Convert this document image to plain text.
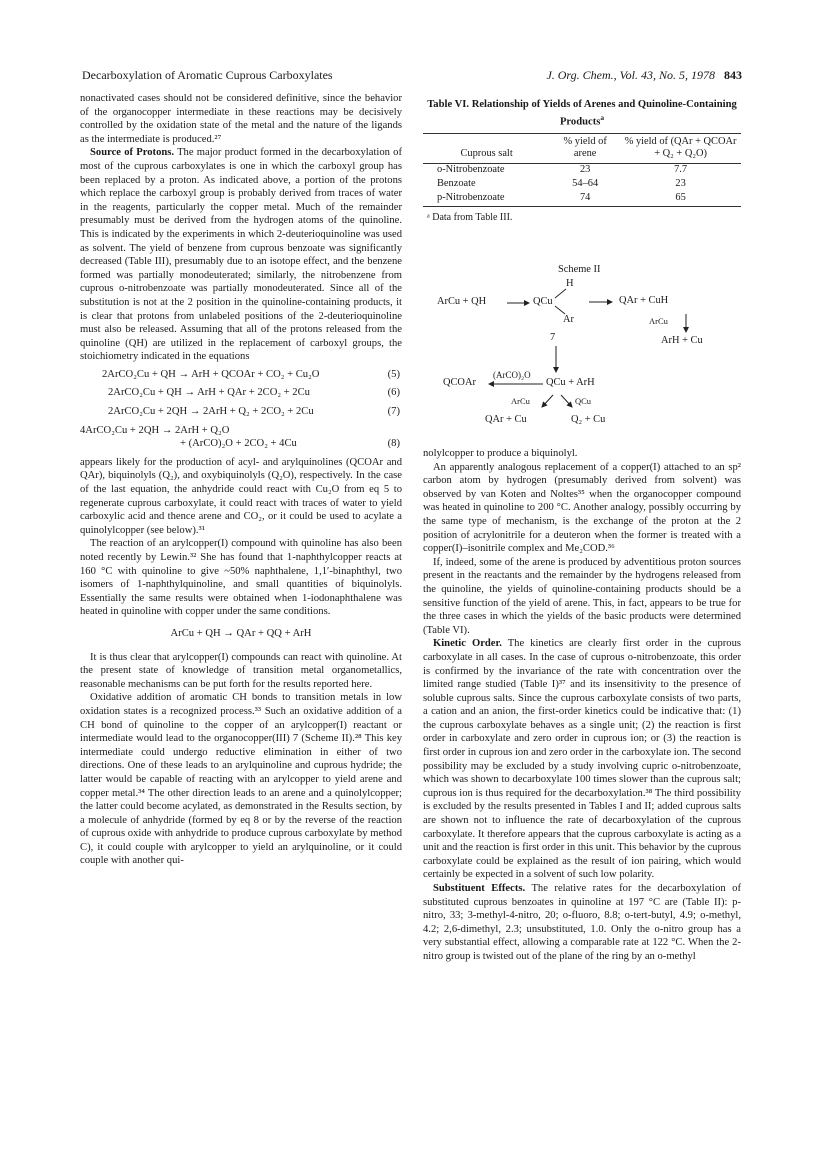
Decarboxylation of Aromatic Cuprous Carboxylates	J. Org. Chem., Vol. 43, No. 5, 1978 843

nonactivated cases should not be considered definitive, since the behavior of the organocopper intermediate in these reactions may be decisively controlled by the oxidation state of the metal and the nature of the ligands as the intermediate is produced.²⁷

Source of Protons. The major product formed in the decarboxylation of most of the cuprous carboxylates is one in which the carboxyl group has been replaced by a proton. As indicated above, a portion of the protons which replace the carboxyl group is probably derived from traces of water in the reagents, particularly the copper metal. Much of the remainder presumably must be derived from the hydrogen atoms of the quinoline. This is indicated by the experiments in which 2-deuterioquinoline was used as solvent. The yield of benzene from cuprous benzoate was significantly decreased (Table III), presumably due to an isotope effect, and the benzene formed was partially monodeuterated; similarly, the nitrobenzene from cuprous o-nitrobenzoate was partially monodeuterated. Since all of the substitution is not at the 2 position in the quinoline-containing products, it is clear that protons from unlabeled positions of the 2-deuterioquinoline must also be released. Assuming that all of the protons released from the quinoline (QH) are utilized in the replacement of carboxyl groups, the stoichiometry indicated in the equations

2ArCO₂Cu + QH → ArH + QCOAr + CO₂ + Cu₂O	(5)
2ArCO₂Cu + QH → ArH + QAr + 2CO₂ + 2Cu	(6)
2ArCO₂Cu + 2QH → 2ArH + Q₂ + 2CO₂ + 2Cu	(7)
4ArCO₂Cu + 2QH → 2ArH + Q₂O
+ (ArCO)₂O + 2CO₂ + 4Cu	(8)

appears likely for the production of acyl- and arylquinolines (QCOAr and QAr), biquinolyls (Q₂), and oxybiquinolyls (Q₂O), respectively. In the case of the last equation, the anhydride could react with Cu₂O from eq 5 to regenerate cuprous carboxylate, it could react with traces of water to yield carboxylic acid and thence arene and CO₂, or it could be used to acylate a quinolylcopper (see below).³¹

The reaction of an arylcopper(I) compound with quinoline has also been noted recently by Lewin.³² She has found that 1-naphthylcopper reacts at 160 °C with quinoline to give ~50% naphthalene, 1,1′-binaphthyl, two isomers of 1-naphthylquinoline, and small quantities of biquinolyls. Essentially the same results were obtained when 1-iodonaphthalene was heated in quinoline with copper under the same conditions.

ArCu + QH → QAr + QQ + ArH

It is thus clear that arylcopper(I) compounds can react with quinoline. At the present state of knowledge of transition metal organometallics, reasonable mechanisms can be put forth for the results reported here.

Oxidative addition of aromatic CH bonds to transition metals in low oxidation states is a recognized process.³³ Such an oxidative addition of a CH bond of quinoline to the copper of an arylcopper(I) reactant or intermediate would lead to the organocopper(III) 7 (Scheme II).²⁸ This key intermediate could undergo reductive elimination in either of two directions. One of these leads to an arylquinoline and cuprous hydride; the latter would be capable of reacting with an arylcopper to yield arene and copper metal.³⁴ The other direction leads to an arene and a quinolylcopper; the latter could become acylated, as demonstrated in the Results section, by a molecule of anhydride (formed by eq 8 or by the reverse of the reaction of cuprous oxide with anhydride to produce cuprous carboxylate by method C), it could couple with arylcopper to yield an arylquinoline, or it could couple with another qui-

Table VI. Relationship of Yields of Arenes and Quinoline-Containing Products$^a$
Cuprous salt	% yield of arene	% yield of (QAr + QCOAr + Q₂ + Q₂O)
o-Nitrobenzoate	23	7.7
Benzoate	54–64	23
p-Nitrobenzoate	74	65
ᵃ Data from Table III.
Scheme II
H
ArCu + QH	QCu	QAr + CuH
Ar	ArCu
7	ArH + Cu
(ArCO)₂O
QCOAr	QCu + ArH
ArCu	QCu
QAr + Cu	Q₂ + Cu

nolylcopper to produce a biquinolyl.

An apparently analogous replacement of a copper(I) attached to an sp² carbon atom by hydrogen (presumably derived from solvent) was observed by van Koten and Noltes³⁵ when the organocopper compound was heated in quinoline to 200 °C. Another analogy, possibly occurring by the same type of mechanism, is the exchange of the proton at the 2 position of acrylonitrile for a deuteron when the former is treated with a copper(I)–isonitrile complex and Me₂COD.³⁶

If, indeed, some of the arene is produced by adventitious proton sources present in the reactants and the remainder by the hydrogens released from the quinoline, the yields of quinoline-containing products should be a sensitive function of the yield of arene. This, in fact, appears to be true for the three cases in which the yields of the basic products were determined (Table VI).

Kinetic Order. The kinetics are clearly first order in the cuprous carboxylate in all cases. In the case of cuprous o-nitrobenzoate, this order is confirmed by the invariance of the rate with concentration over the limited range studied (Table I)³⁷ and its insensitivity to the presence of soluble cuprous salts. Since the cuprous carboxylate consists of two parts, a cation and an anion, the first-order kinetics could be indicative that: (1) the cuprous carboxylate behaves as a single unit; (2) the reaction is first order in carboxylate and zero order in cuprous ion; or (3) the reaction is first order in cuprous ion and zero order in the carboxylate ion. The second possibility may be excluded by a study involving cupric o-nitrobenzoate, which was shown to decarboxylate 100 times slower than the cuprous salt; cuprous ion is thus required for the decarboxylation.³⁸ The third possibility is excluded by the results presented in Tables I and II; added cuprous salts are shown not to influence the rate of decarboxylation of the cuprous carboxylate. It therefore appears that the cuprous carboxylate is acting as a unit and the reaction is first order in this unit. This behavior by the cuprous carboxylate could be explained as the result of ion pairing, which would certainly be expected in a solvent of such low polarity.

Substituent Effects. The relative rates for the decarboxylation of substituted cuprous benzoates in quinoline at 197 °C are (Table II): p-nitro, 33; 3-methyl-4-nitro, 20; o-fluoro, 8.8; o-tert-butyl, 4.9; o-methyl, 4.2; 2,6-dimethyl, 2.3; unsubstituted, 1.0. Only the o-nitro group has a very substantial effect, allowing a comparable rate at 122 °C. When the 2-nitro group is twisted out of the plane of the ring by an o-methyl
